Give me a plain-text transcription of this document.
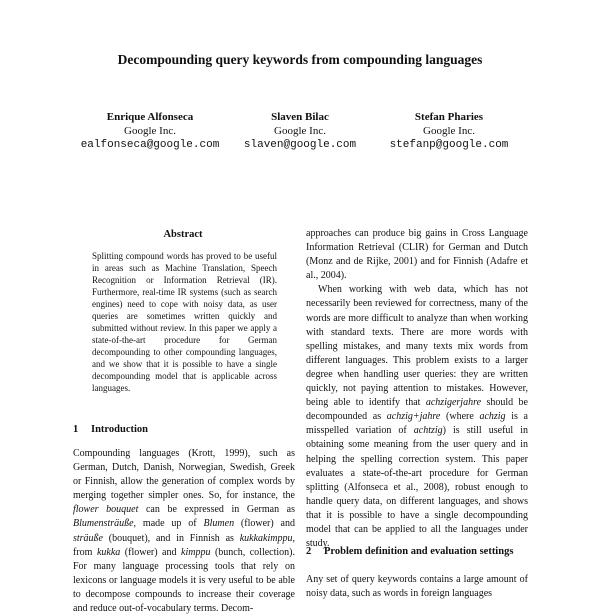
Decompounding query keywords from compounding languages
Enrique Alfonseca
Google Inc.
ealfonseca@google.com
Slaven Bilac
Google Inc.
slaven@google.com
Stefan Pharies
Google Inc.
stefanp@google.com
Abstract
Splitting compound words has proved to be useful in areas such as Machine Translation, Speech Recognition or Information Retrieval (IR). Furthermore, real-time IR systems (such as search engines) need to cope with noisy data, as user queries are sometimes written quickly and submitted without review. In this paper we apply a state-of-the-art procedure for German decompounding to other compounding languages, and we show that it is possible to have a single decompounding model that is applicable across languages.
1 Introduction

Compounding languages (Krott, 1999), such as German, Dutch, Danish, Norwegian, Swedish, Greek or Finnish, allow the generation of complex words by merging together simpler ones. So, for instance, the flower bouquet can be expressed in German as Blumensträuße, made up of Blumen (flower) and sträuße (bouquet), and in Finnish as kukkakimppu, from kukka (flower) and kimppu (bunch, collection). For many language processing tools that rely on lexicons or language models it is very useful to be able to decompose compounds to increase their coverage and reduce out-of-vocabulary terms. Decom-

approaches can produce big gains in Cross Language Information Retrieval (CLIR) for German and Dutch (Monz and de Rijke, 2001) and for Finnish (Adafre et al., 2004).

When working with web data, which has not necessarily been reviewed for correctness, many of the words are more difficult to analyze than when working with standard texts. There are more words with spelling mistakes, and many texts mix words from different languages. This problem exists to a larger degree when handling user queries: they are written quickly, not paying attention to mistakes. However, being able to identify that achzigerjahre should be decompounded as achzig+jahre (where achzig is a misspelled variation of achtzig) is still useful in obtaining some meaning from the user query and in helping the spelling correction system. This paper evaluates a state-of-the-art procedure for German splitting (Alfonseca et al., 2008), robust enough to handle query data, on different languages, and shows that it is possible to have a single decompounding model that can be applied to all the languages under study.

2 Problem definition and evaluation settings

Any set of query keywords contains a large amount of noisy data, such as words in foreign languages
